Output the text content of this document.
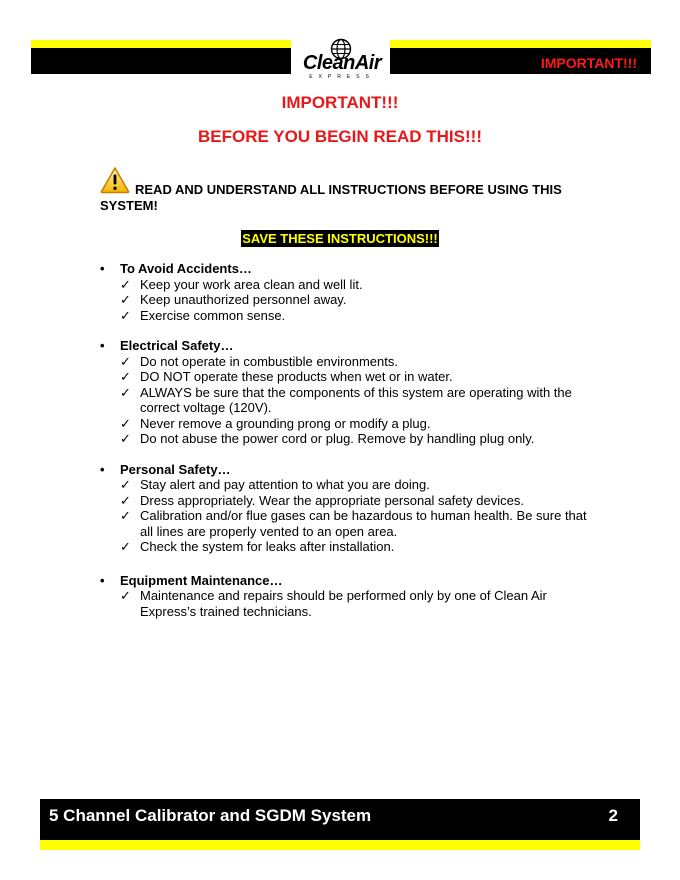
IMPORTANT!!!
CleanAir
EXPRESS
IMPORTANT!!!
BEFORE YOU BEGIN READ THIS!!!
READ AND UNDERSTAND ALL INSTRUCTIONS BEFORE USING THIS SYSTEM!
SAVE THESE INSTRUCTIONS!!!
• To Avoid Accidents…
✓ Keep your work area clean and well lit.
✓ Keep unauthorized personnel away.
✓ Exercise common sense.
• Electrical Safety…
✓ Do not operate in combustible environments.
✓ DO NOT operate these products when wet or in water.
✓ ALWAYS be sure that the components of this system are operating with the correct voltage (120V).
✓ Never remove a grounding prong or modify a plug.
✓ Do not abuse the power cord or plug. Remove by handling plug only.
• Personal Safety…
✓ Stay alert and pay attention to what you are doing.
✓ Dress appropriately. Wear the appropriate personal safety devices.
✓ Calibration and/or flue gases can be hazardous to human health. Be sure that all lines are properly vented to an open area.
✓ Check the system for leaks after installation.
• Equipment Maintenance…
✓ Maintenance and repairs should be performed only by one of Clean Air Express’s trained technicians.
5 Channel Calibrator and SGDM System	2
